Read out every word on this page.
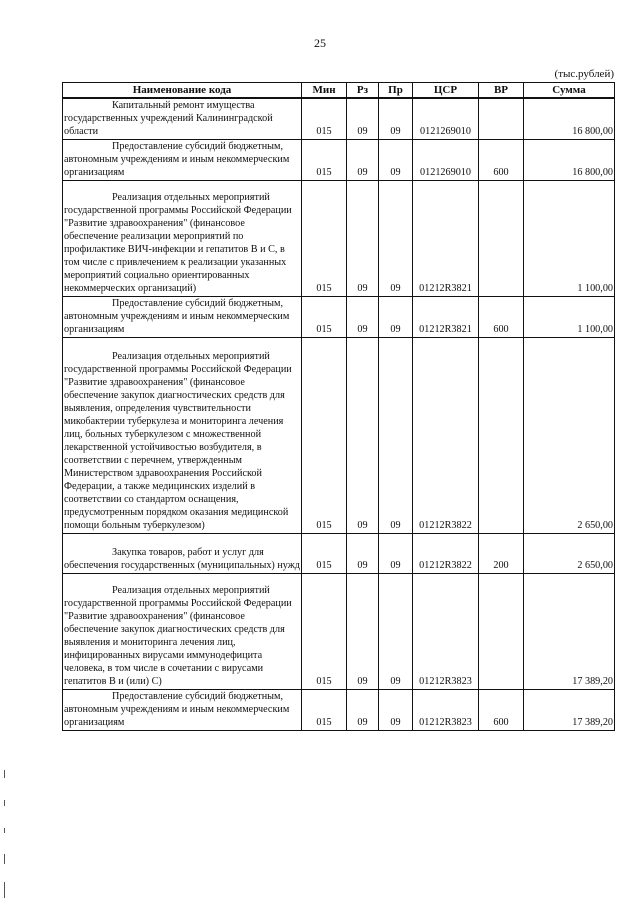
25
(тыс.рублей)
Наименование кода	Мин	Рз	Пр	ЦСР	ВР	Сумма

Капитальный ремонт имущества государственных учреждений Калининградской области	015	09	09	0121269010		16 800,00

Предоставление субсидий бюджетным, автономным учреждениям и иным некоммерческим организациям	015	09	09	0121269010	600	16 800,00

Реализация отдельных мероприятий государственной программы Российской Федерации "Развитие здравоохранения" (финансовое обеспечение реализации мероприятий по профилактике ВИЧ-инфекции и гепатитов В и С, в том числе с привлечением к реализации указанных мероприятий социально ориентированных некоммерческих организаций)	015	09	09	01212R3821		1 100,00

Предоставление субсидий бюджетным, автономным учреждениям и иным некоммерческим организациям	015	09	09	01212R3821	600	1 100,00

Реализация отдельных мероприятий государственной программы Российской Федерации "Развитие здравоохранения" (финансовое обеспечение закупок диагностических средств для выявления, определения чувствительности микобактерии туберкулеза и мониторинга лечения лиц, больных туберкулезом с множественной лекарственной устойчивостью возбудителя, в соответствии с перечнем, утвержденным Министерством здравоохранения Российской Федерации, а также медицинских изделий в соответствии со стандартом оснащения, предусмотренным порядком оказания медицинской помощи больным туберкулезом)	015	09	09	01212R3822		2 650,00

Закупка товаров, работ и услуг для обеспечения государственных (муниципальных) нужд	015	09	09	01212R3822	200	2 650,00

Реализация отдельных мероприятий государственной программы Российской Федерации "Развитие здравоохранения" (финансовое обеспечение закупок диагностических средств для выявления и мониторинга лечения лиц, инфицированных вирусами иммунодефицита человека, в том числе в сочетании с вирусами гепатитов В и (или) С)	015	09	09	01212R3823		17 389,20

Предоставление субсидий бюджетным, автономным учреждениям и иным некоммерческим организациям	015	09	09	01212R3823	600	17 389,20
